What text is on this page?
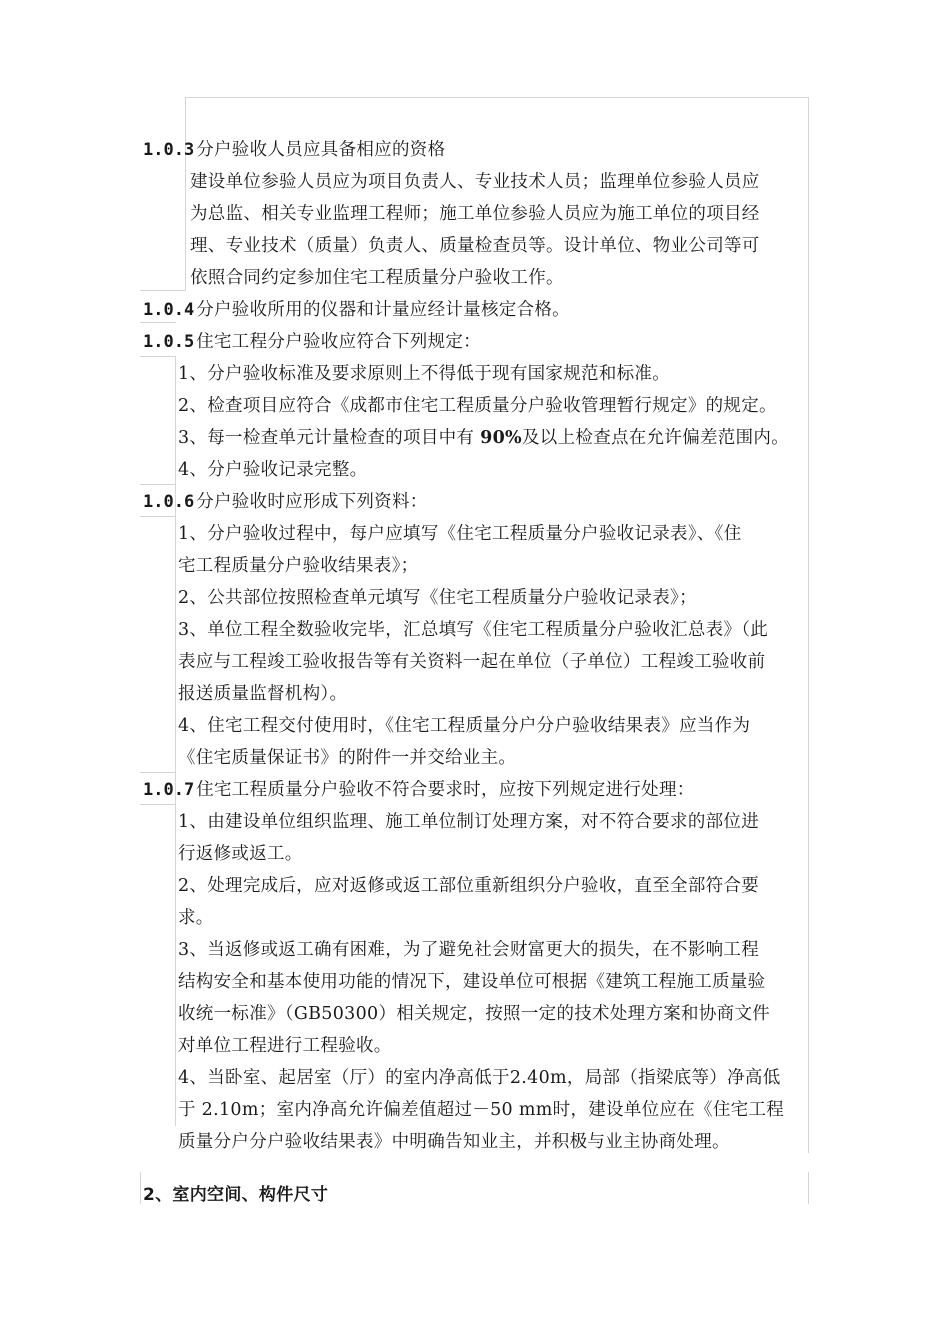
1.0.3 分户验收人员应具备相应的资格
建设单位参验人员应为项目负责人、专业技术人员；监理单位参验人员应
为总监、相关专业监理工程师；施工单位参验人员应为施工单位的项目经
理、专业技术（质量）负责人、质量检查员等。设计单位、物业公司等可
依照合同约定参加住宅工程质量分户验收工作。
1.0.4 分户验收所用的仪器和计量应经计量核定合格。
1.0.5 住宅工程分户验收应符合下列规定：
1、分户验收标准及要求原则上不得低于现有国家规范和标准。
2、检查项目应符合《成都市住宅工程质量分户验收管理暂行规定》的规定。
3、每一检查单元计量检查的项目中有 90%及以上检查点在允许偏差范围内。
4、分户验收记录完整。
1.0.6 分户验收时应形成下列资料：
1、分户验收过程中，每户应填写《住宅工程质量分户验收记录表》、《住
宅工程质量分户验收结果表》；
2、公共部位按照检查单元填写《住宅工程质量分户验收记录表》；
3、单位工程全数验收完毕，汇总填写《住宅工程质量分户验收汇总表》（此
表应与工程竣工验收报告等有关资料一起在单位（子单位）工程竣工验收前
报送质量监督机构）。
4、住宅工程交付使用时，《住宅工程质量分户分户验收结果表》应当作为
《住宅质量保证书》的附件一并交给业主。
1.0.7 住宅工程质量分户验收不符合要求时，应按下列规定进行处理：
1、由建设单位组织监理、施工单位制订处理方案，对不符合要求的部位进
行返修或返工。
2、处理完成后，应对返修或返工部位重新组织分户验收，直至全部符合要
求。
3、当返修或返工确有困难，为了避免社会财富更大的损失，在不影响工程
结构安全和基本使用功能的情况下，建设单位可根据《建筑工程施工质量验
收统一标准》（GB50300）相关规定，按照一定的技术处理方案和协商文件
对单位工程进行工程验收。
4、当卧室、起居室（厅）的室内净高低于2.40m，局部（指梁底等）净高低
于 2.10m；室内净高允许偏差值超过－50 mm时，建设单位应在《住宅工程
质量分户分户验收结果表》中明确告知业主，并积极与业主协商处理。
2、室内空间、构件尺寸
